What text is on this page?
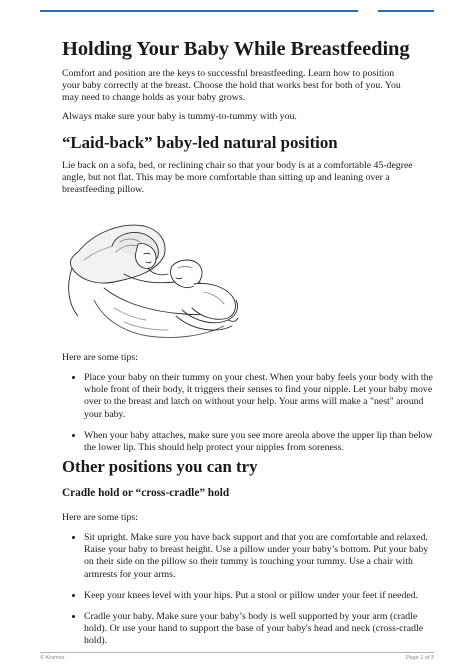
Holding Your Baby While Breastfeeding

Comfort and position are the keys to successful breastfeeding. Learn how to position your baby correctly at the breast. Choose the hold that works best for both of you. You may need to change holds as your baby grows.

Always make sure your baby is tummy-to-tummy with you.

“Laid-back” baby-led natural position

Lie back on a sofa, bed, or reclining chair so that your body is at a comfortable 45-degree angle, but not flat. This may be more comfortable than sitting up and leaning over a breastfeeding pillow.

Here are some tips:

• Place your baby on their tummy on your chest. When your baby feels your body with the whole front of their body, it triggers their senses to find your nipple. Let your baby move over to the breast and latch on without your help. Your arms will make a "nest" around your baby.
• When your baby attaches, make sure you see more areola above the upper lip than below the lower lip. This should help protect your nipples from soreness.
Other positions you can try
Cradle hold or “cross-cradle” hold

Here are some tips:

• Sit upright. Make sure you have back support and that you are comfortable and relaxed. Raise your baby to breast height. Use a pillow under your baby’s bottom. Put your baby on their side on the pillow so their tummy is touching your tummy. Use a chair with armrests for your arms.
• Keep your knees level with your hips. Put a stool or pillow under your feet if needed.
• Cradle your baby. Make sure your baby’s body is well supported by your arm (cradle hold). Or use your hand to support the base of your baby's head and neck (cross-cradle hold).
© Krames	Page 1 of 3
